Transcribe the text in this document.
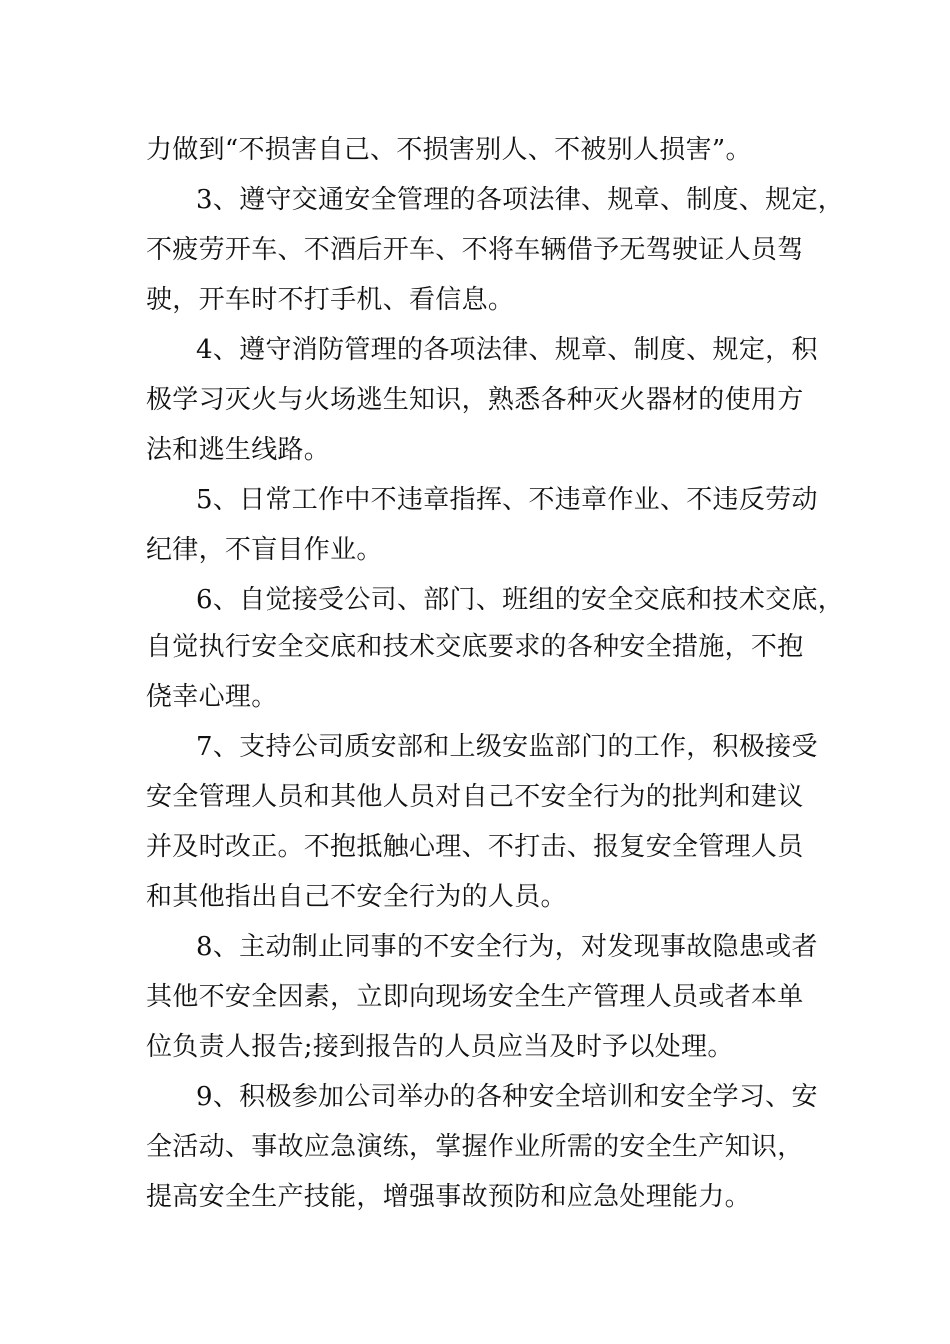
力做到“不损害自己、不损害别人、不被别人损害”。
3、遵守交通安全管理的各项法律、规章、制度、规定，
不疲劳开车、不酒后开车、不将车辆借予无驾驶证人员驾
驶，开车时不打手机、看信息。
4、遵守消防管理的各项法律、规章、制度、规定，积
极学习灭火与火场逃生知识，熟悉各种灭火器材的使用方
法和逃生线路。
5、日常工作中不违章指挥、不违章作业、不违反劳动
纪律，不盲目作业。
6、自觉接受公司、部门、班组的安全交底和技术交底，
自觉执行安全交底和技术交底要求的各种安全措施，不抱
侥幸心理。
7、支持公司质安部和上级安监部门的工作，积极接受
安全管理人员和其他人员对自己不安全行为的批判和建议
并及时改正。不抱抵触心理、不打击、报复安全管理人员
和其他指出自己不安全行为的人员。
8、主动制止同事的不安全行为，对发现事故隐患或者
其他不安全因素，立即向现场安全生产管理人员或者本单
位负责人报告;接到报告的人员应当及时予以处理。
9、积极参加公司举办的各种安全培训和安全学习、安
全活动、事故应急演练，掌握作业所需的安全生产知识，
提高安全生产技能，增强事故预防和应急处理能力。
